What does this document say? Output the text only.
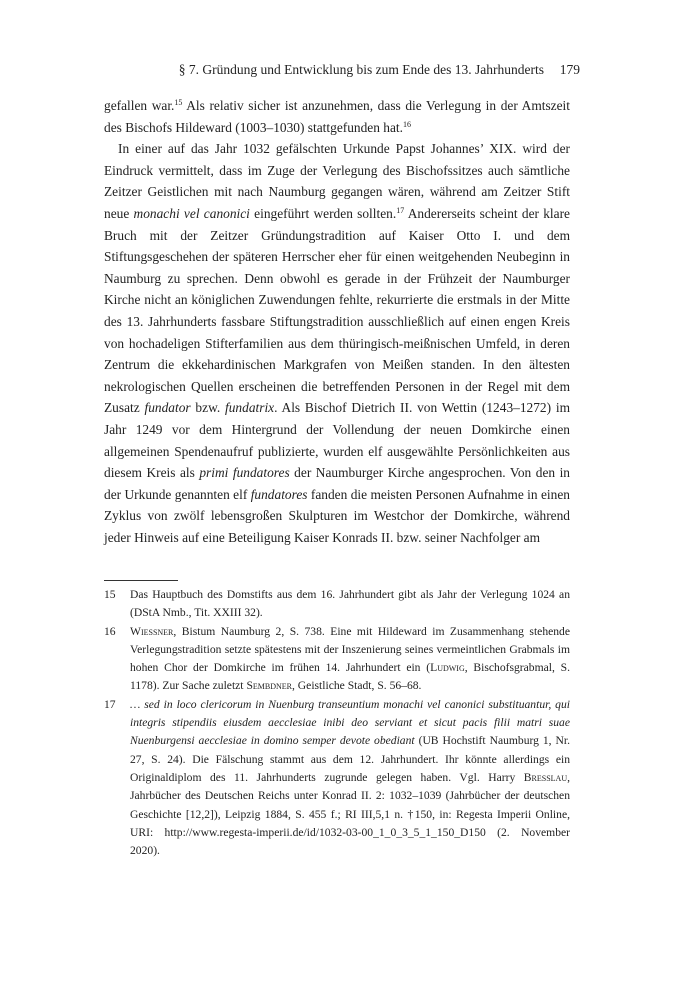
§ 7. Gründung und Entwicklung bis zum Ende des 13. Jahrhunderts 179

gefallen war.$^{15}$ Als relativ sicher ist anzunehmen, dass die Verlegung in der Amtszeit des Bischofs Hildeward (1003–1030) stattgefunden hat.$^{16}$

In einer auf das Jahr 1032 gefälschten Urkunde Papst Johannes’ XIX. wird der Eindruck vermittelt, dass im Zuge der Verlegung des Bischofssitzes auch sämtliche Zeitzer Geistlichen mit nach Naumburg gegangen wären, während am Zeitzer Stift neue monachi vel canonici eingeführt werden sollten.$^{17}$ Andererseits scheint der klare Bruch mit der Zeitzer Gründungstradition auf Kaiser Otto I. und dem Stiftungsgeschehen der späteren Herrscher eher für einen weitgehenden Neubeginn in Naumburg zu sprechen. Denn obwohl es gerade in der Frühzeit der Naumburger Kirche nicht an königlichen Zuwendungen fehlte, rekurrierte die erstmals in der Mitte des 13. Jahrhunderts fassbare Stiftungstradition ausschließlich auf einen engen Kreis von hochadeligen Stifterfamilien aus dem thüringisch-meißnischen Umfeld, in deren Zentrum die ekkehardinischen Markgrafen von Meißen standen. In den ältesten nekrologischen Quellen erscheinen die betreffenden Personen in der Regel mit dem Zusatz fundator bzw. fundatrix. Als Bischof Dietrich II. von Wettin (1243–1272) im Jahr 1249 vor dem Hintergrund der Vollendung der neuen Domkirche einen allgemeinen Spendenaufruf publizierte, wurden elf ausgewählte Persönlichkeiten aus diesem Kreis als primi fundatores der Naumburger Kirche angesprochen. Von den in der Urkunde genannten elf fundatores fanden die meisten Personen Aufnahme in einen Zyklus von zwölf lebensgroßen Skulpturen im Westchor der Domkirche, während jeder Hinweis auf eine Beteiligung Kaiser Konrads II. bzw. seiner Nachfolger am

15	Das Hauptbuch des Domstifts aus dem 16. Jahrhundert gibt als Jahr der Verlegung 1024 an (DStA Nmb., Tit. XXIII 32).
16	Wiessner, Bistum Naumburg 2, S. 738. Eine mit Hildeward im Zusammenhang stehende Verlegungstradition setzte spätestens mit der Inszenierung seines vermeintlichen Grabmals im hohen Chor der Domkirche im frühen 14. Jahrhundert ein (Ludwig, Bischofsgrabmal, S. 1178). Zur Sache zuletzt Sembdner, Geistliche Stadt, S. 56–68.
17	… sed in loco clericorum in Nuenburg transeuntium monachi vel canonici substituantur, qui integris stipendiis eiusdem aecclesiae inibi deo serviant et sicut pacis filii matri suae Nuenburgensi aecclesiae in domino semper devote obediant (UB Hochstift Naumburg 1, Nr. 27, S. 24). Die Fälschung stammt aus dem 12. Jahrhundert. Ihr könnte allerdings ein Originaldiplom des 11. Jahrhunderts zugrunde gelegen haben. Vgl. Harry Bresslau, Jahrbücher des Deutschen Reichs unter Konrad II. 2: 1032–1039 (Jahrbücher der deutschen Geschichte [12,2]), Leipzig 1884, S. 455 f.; RI III,5,1 n. †150, in: Regesta Imperii Online, URI: http://www.regesta-imperii.de/id/1032-03-00_1_0_3_5_1_150_D150 (2. November 2020).
